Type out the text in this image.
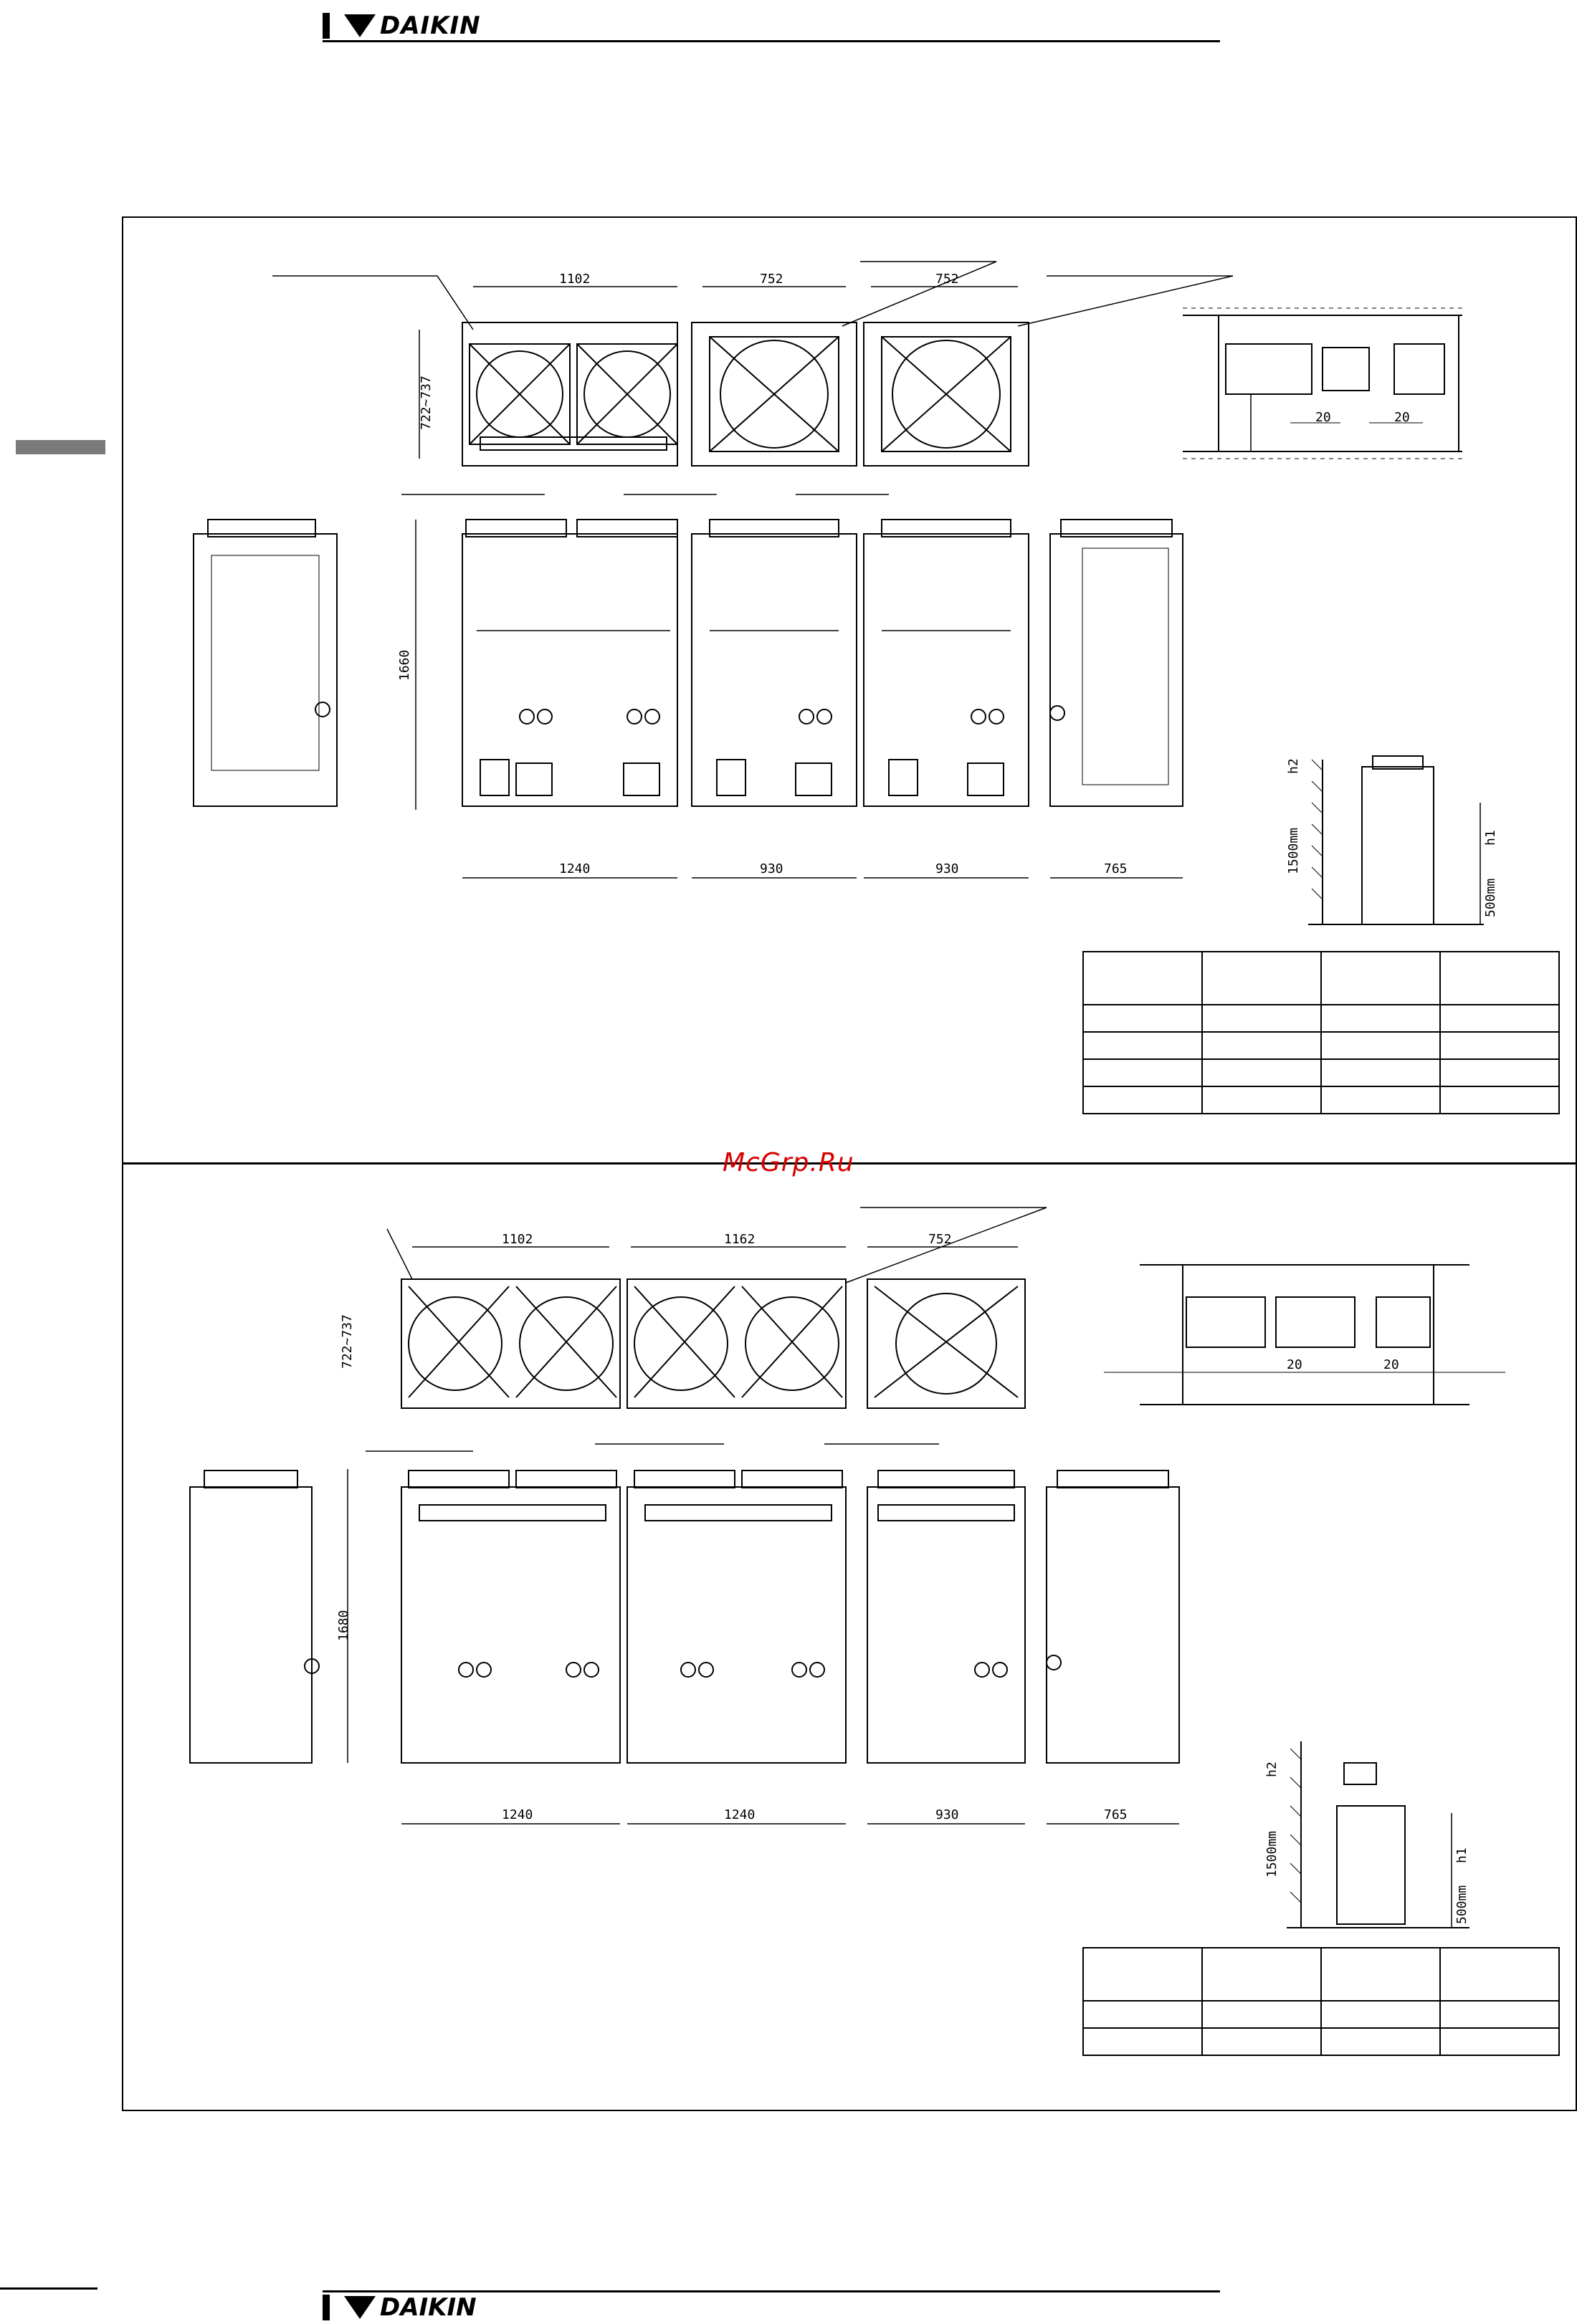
DAIKIN
1102	752	752
722~737	20	20
1660
1240	930	930	765	1500mm
h2
h1
500mm
1102	1162	752
722~737	20	20
1680
1240	1240	930	765
1500mm
h2
h1
500mm

McGrp.Ru
DAIKIN
